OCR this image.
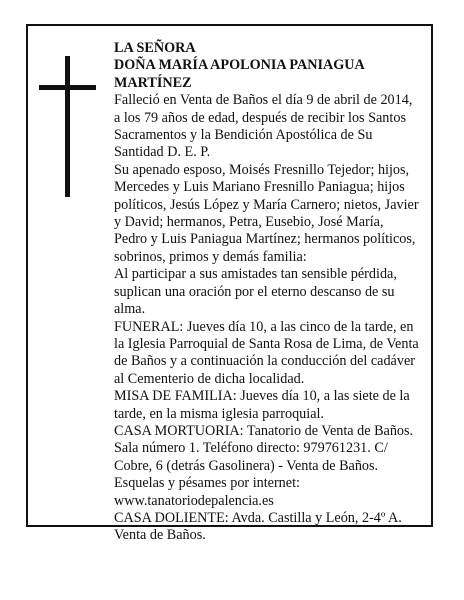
LA SEÑORA

DOÑA MARÍA APOLONIA PANIAGUA MARTÍNEZ

Falleció en Venta de Baños el día 9 de abril de 2014, a los 79 años de edad, después de recibir los Santos Sacramentos y la Bendición Apostólica de Su Santidad D. E. P.

Su apenado esposo, Moisés Fresnillo Tejedor; hijos, Mercedes y Luis Mariano Fresnillo Paniagua; hijos políticos, Jesús López y María Carnero; nietos, Javier y David; hermanos, Petra, Eusebio, José María, Pedro y Luis Paniagua Martínez; hermanos políticos, sobrinos, primos y demás familia:

Al participar a sus amistades tan sensible pérdida, suplican una oración por el eterno descanso de su alma.

FUNERAL: Jueves día 10, a las cinco de la tarde, en la Iglesia Parroquial de Santa Rosa de Lima, de Venta de Baños y a continuación la conducción del cadáver al Cementerio de dicha localidad.

MISA DE FAMILIA: Jueves día 10, a las siete de la tarde, en la misma iglesia parroquial.

CASA MORTUORIA: Tanatorio de Venta de Baños. Sala número 1. Teléfono directo: 979761231. C/ Cobre, 6 (detrás Gasolinera) - Venta de Baños.

Esquelas y pésames por internet:

www.tanatoriodepalencia.es

CASA DOLIENTE: Avda. Castilla y León, 2-4º A. Venta de Baños.
